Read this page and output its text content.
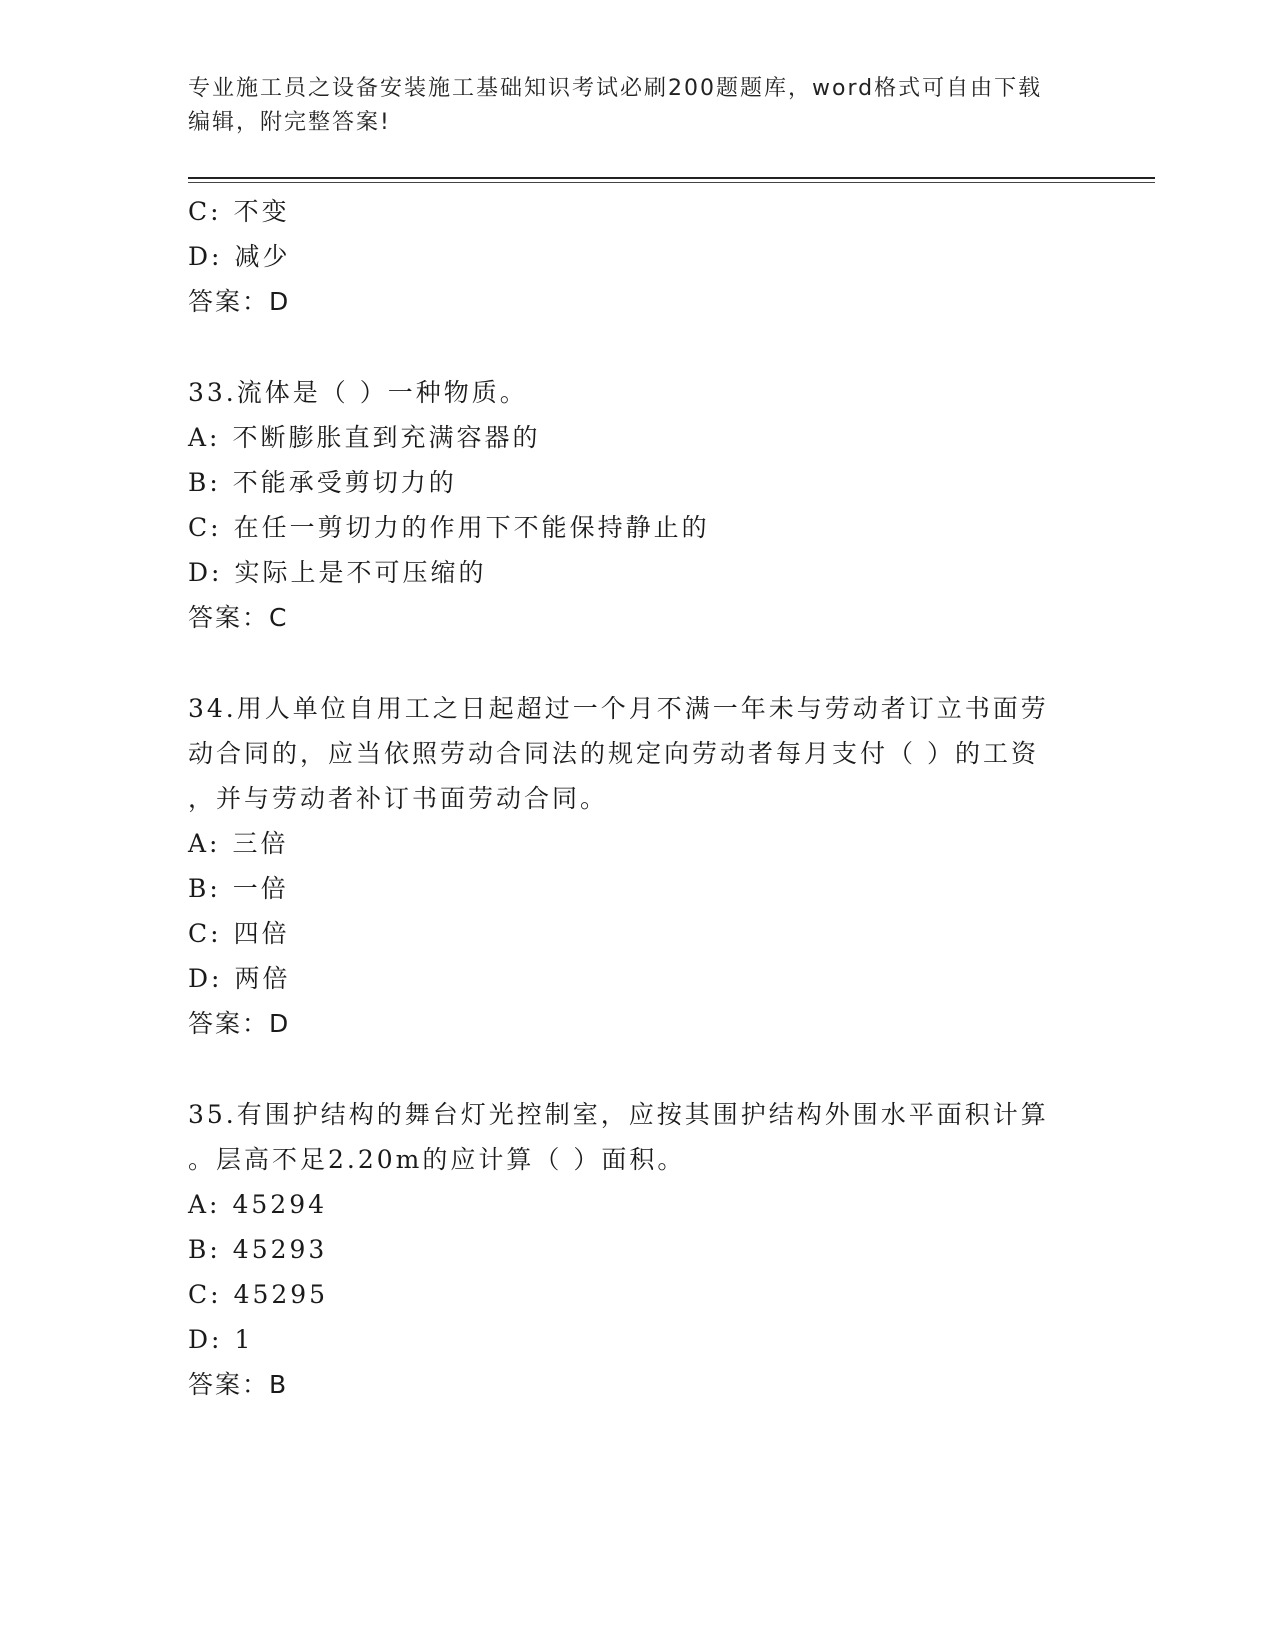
专业施工员之设备安装施工基础知识考试必刷200题题库，word格式可自由下载
编辑，附完整答案!
C: 不变
D: 减少
答案：D
33.流体是（ ）一种物质。
A: 不断膨胀直到充满容器的
B: 不能承受剪切力的
C: 在任一剪切力的作用下不能保持静止的
D: 实际上是不可压缩的
答案：C
34.用人单位自用工之日起超过一个月不满一年未与劳动者订立书面劳
动合同的，应当依照劳动合同法的规定向劳动者每月支付（ ）的工资
，并与劳动者补订书面劳动合同。
A: 三倍
B: 一倍
C: 四倍
D: 两倍
答案：D
35.有围护结构的舞台灯光控制室，应按其围护结构外围水平面积计算
。层高不足2.20m的应计算（ ）面积。
A: 45294
B: 45293
C: 45295
D: 1
答案：B
